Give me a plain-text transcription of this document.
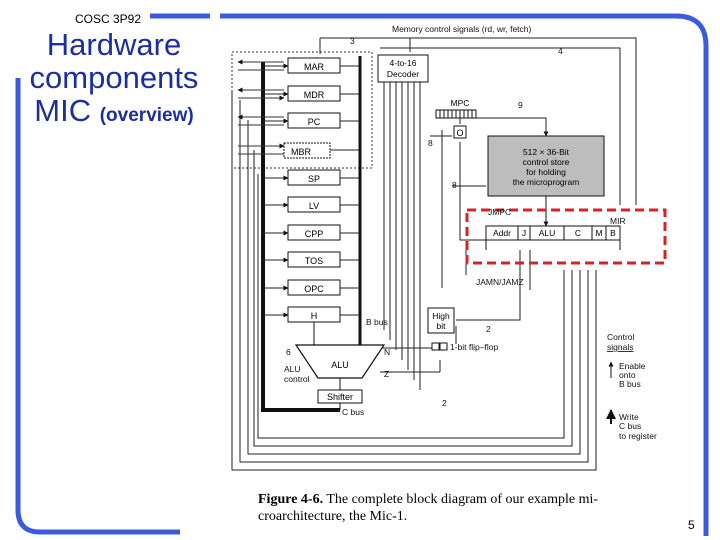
COSC 3P92
Hardware
components
MIC (overview)
MAR
MDR
PC
MBR
SP
LV
CPP
TOS
OPC
H
ALU
Shifter
4-to-16
Decoder
MPC
O
512 × 36-Bit
control store
for holding
the microprogram
Addr J ALU C M B
High
bit
Memory control signals (rd, wr, fetch)
3
4
9
8
8
JMPC
MIR
JAMN/JAMZ
2
2
1-bit flip–flop
B bus
C bus
N
Z
6
ALU
control
Control
signals
Enable
onto
B bus
Write
C bus
to register
Figure 4-6. The complete block diagram of our example mi-
croarchitecture, the Mic-1.
5
